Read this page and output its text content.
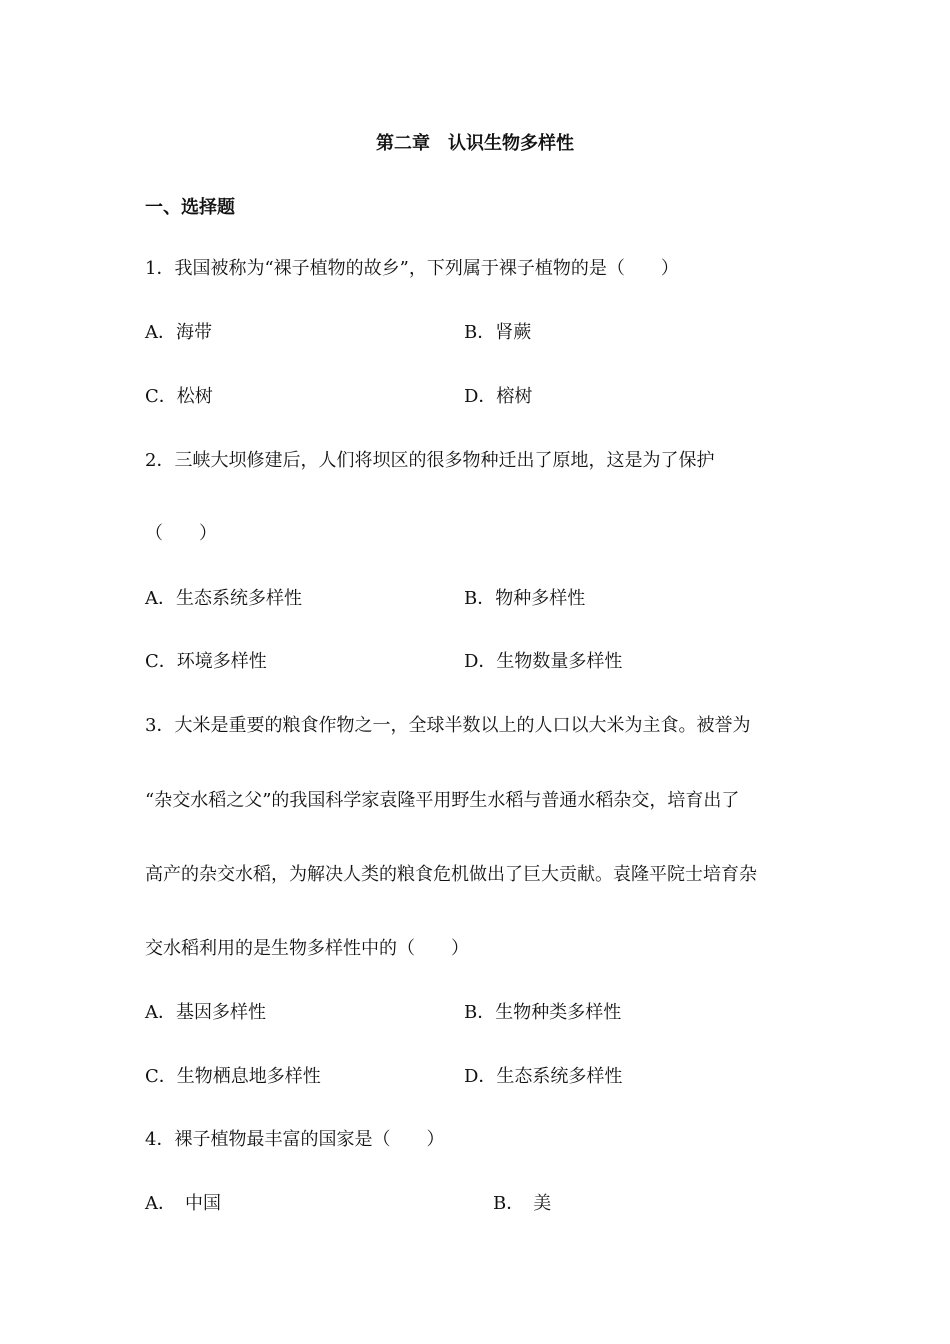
第二章　认识生物多样性
一、选择题
1．我国被称为“裸子植物的故乡”，下列属于裸子植物的是（　　）
A．海带	B．肾蕨
C．松树	D．榕树
2．三峡大坝修建后，人们将坝区的很多物种迁出了原地，这是为了保护
（　　）
A．生态系统多样性	B．物种多样性
C．环境多样性	D．生物数量多样性
3．大米是重要的粮食作物之一，全球半数以上的人口以大米为主食。被誉为
“杂交水稻之父”的我国科学家袁隆平用野生水稻与普通水稻杂交，培育出了
高产的杂交水稻，为解决人类的粮食危机做出了巨大贡献。袁隆平院士培育杂
交水稻利用的是生物多样性中的（　　）
A．基因多样性	B．生物种类多样性
C．生物栖息地多样性	D．生态系统多样性
4．裸子植物最丰富的国家是（　　）
A．　中国	B．　美
